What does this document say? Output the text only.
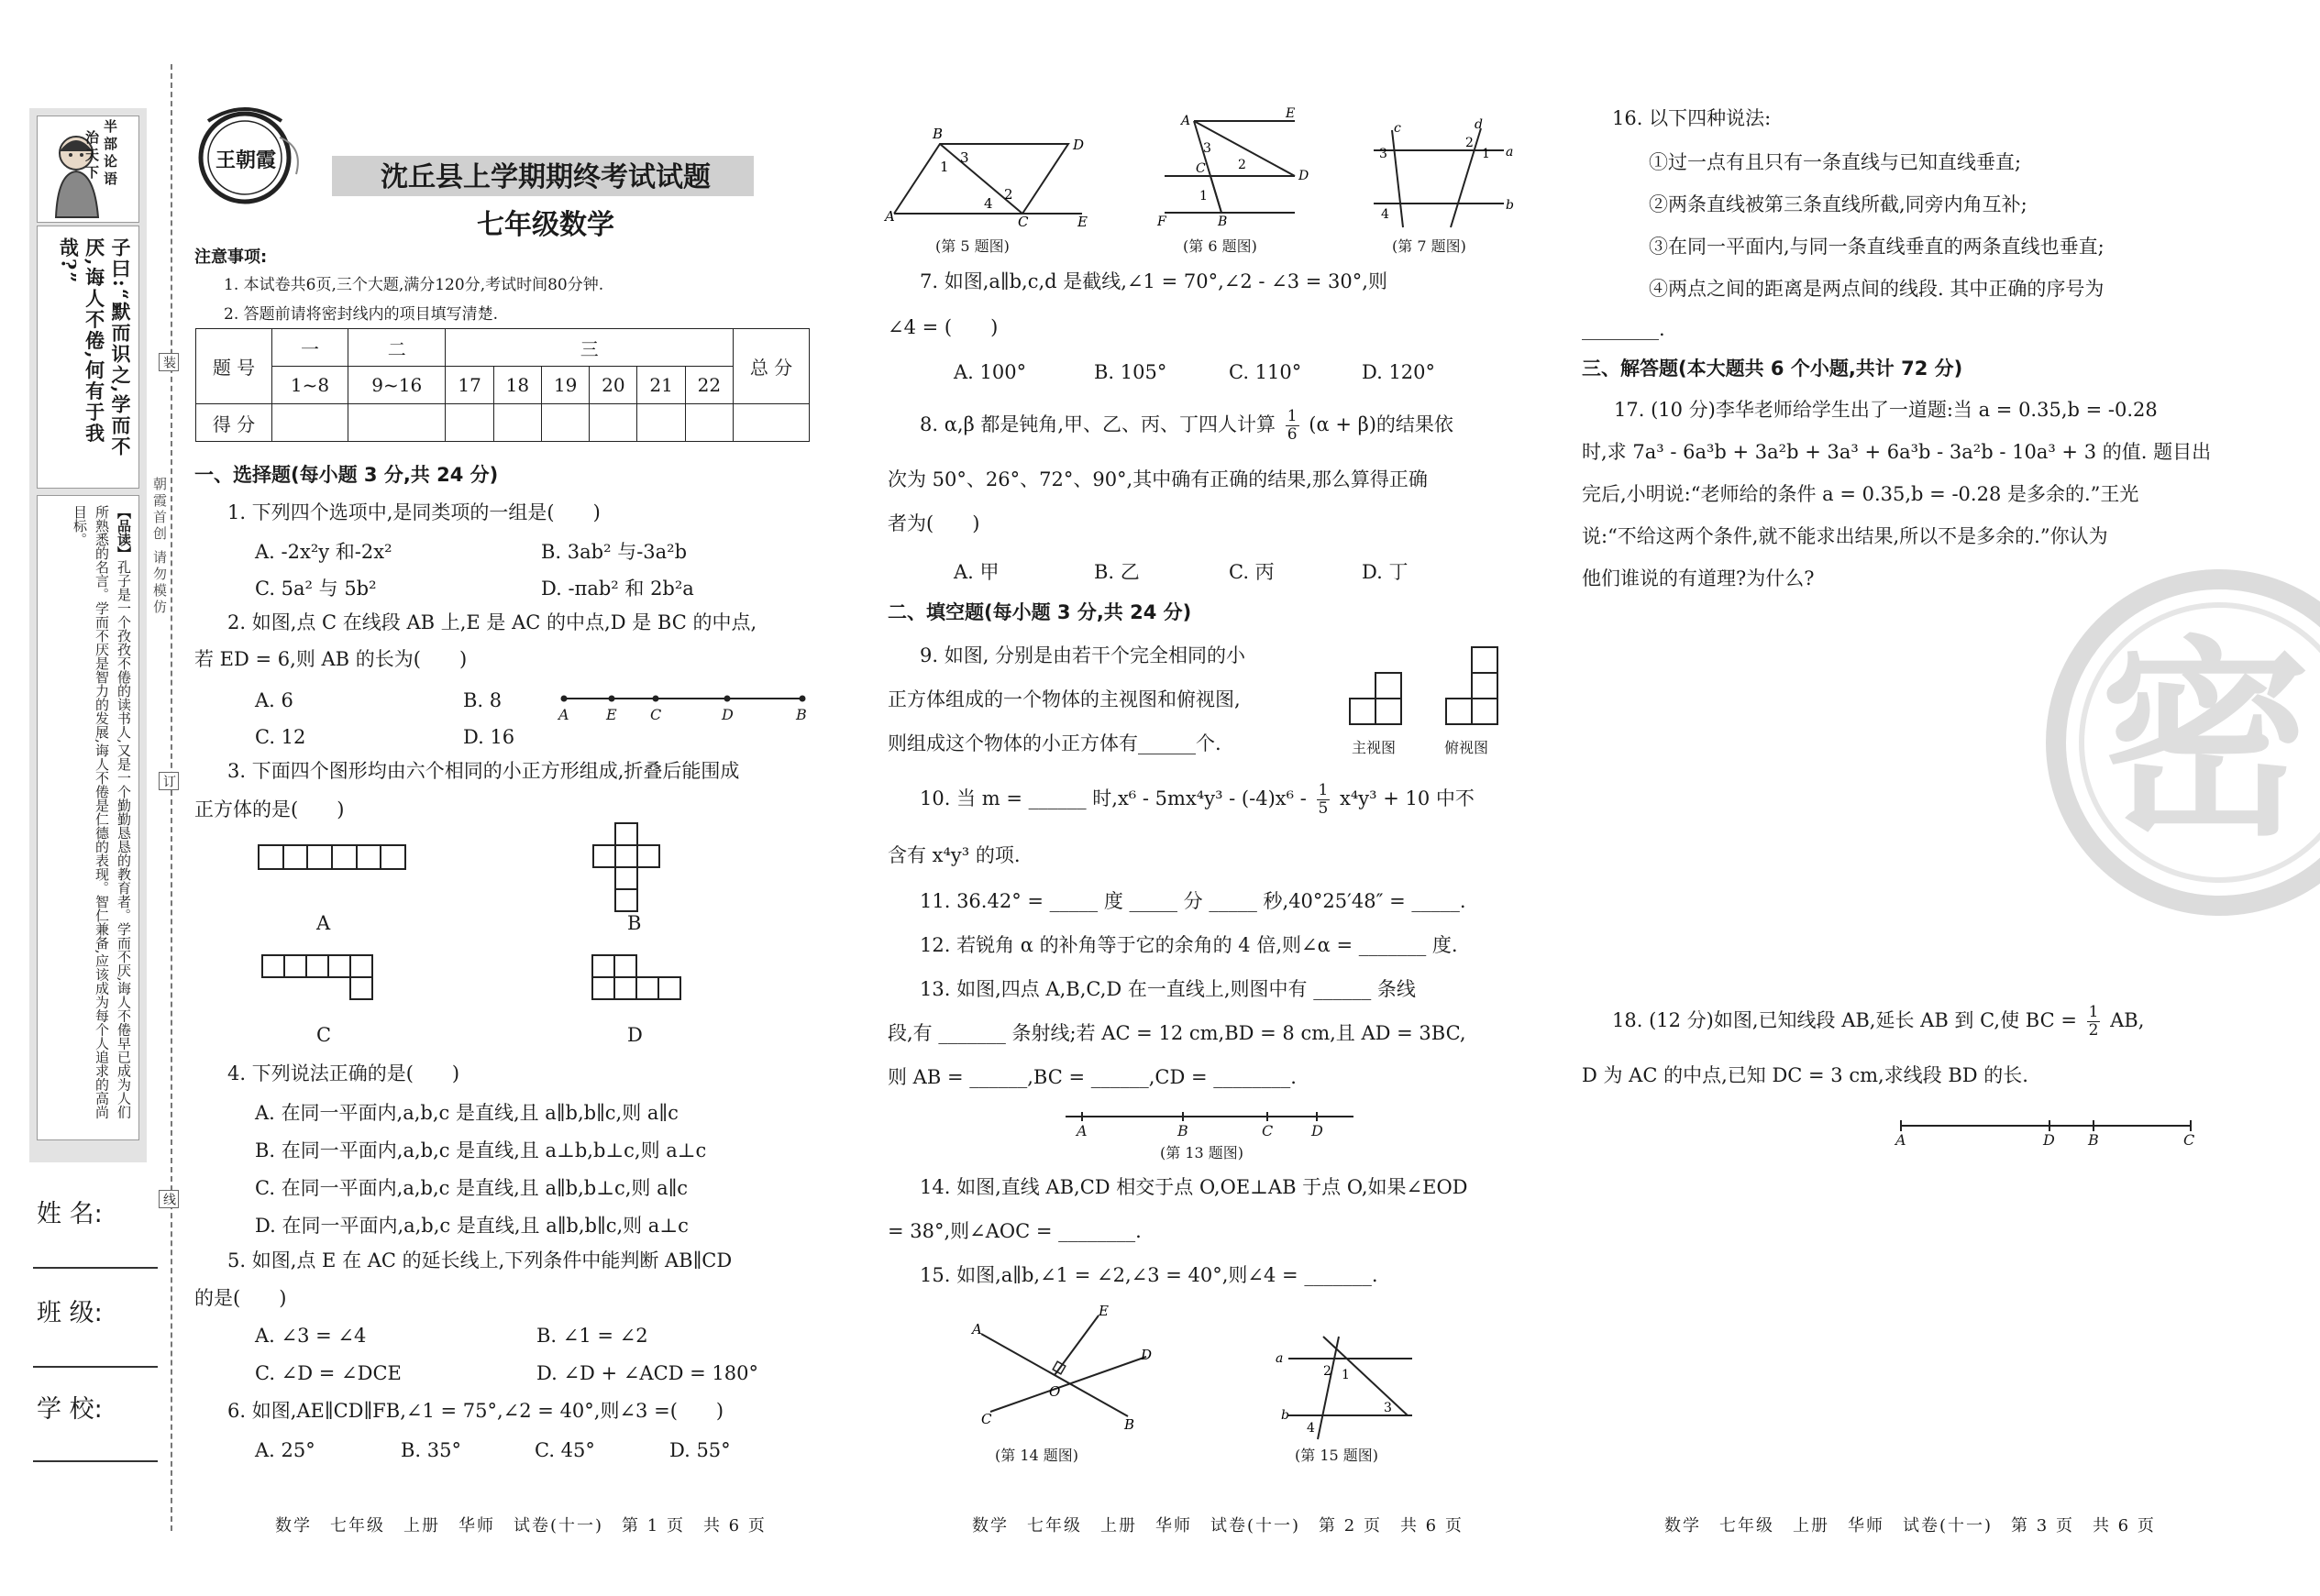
半部论语
治天下
子曰:“默而识之,学而不厌,诲人不倦,何有于我哉?”
【品读】孔子是一个孜孜不倦的读书人,又是一个勤勤恳恳的教育者。学而不厌,诲人不倦早已成为人们所熟悉的名言。学而不厌是智力的发展,诲人不倦是仁德的表现。智仁兼备,应该成为每个人追求的高尚目标。
姓 名:
班 级:
学 校:
装
订
线
朝霞首创 请勿模仿
王朝霞
沈丘县上学期期终考试试题
七年级数学
注意事项:
1. 本试卷共6页,三个大题,满分120分,考试时间80分钟.
2. 答题前请将密封线内的项目填写清楚.
题 号	一	二	三						总 分
	1~8	9~16	17	18	19	20	21	22	
得 分									
一、选择题(每小题 3 分,共 24 分)
1. 下列四个选项中,是同类项的一组是(　　)
A. -2x²y 和-2x²	B. 3ab² 与-3a²b
C. 5a² 与 5b²	D. -πab² 和 2b²a
2. 如图,点 C 在线段 AB 上,E 是 AC 的中点,D 是 BC 的中点,
若 ED = 6,则 AB 的长为(　　)
A. 6	B. 8
C. 12	D. 16
A	E C	D	B
3. 下面四个图形均由六个相同的小正方形组成,折叠后能围成
正方体的是(　　)
A	B
C	D
4. 下列说法正确的是(　　)
A. 在同一平面内,a,b,c 是直线,且 a∥b,b∥c,则 a∥c
B. 在同一平面内,a,b,c 是直线,且 a⊥b,b⊥c,则 a⊥c
C. 在同一平面内,a,b,c 是直线,且 a∥b,b⊥c,则 a∥c
D. 在同一平面内,a,b,c 是直线,且 a∥b,b∥c,则 a⊥c
5. 如图,点 E 在 AC 的延长线上,下列条件中能判断 AB∥CD
的是(　　)
A. ∠3 = ∠4	B. ∠1 = ∠2
C. ∠D = ∠DCE	D. ∠D + ∠ACD = 180°
6. 如图,AE∥CD∥FB,∠1 = 75°,∠2 = 40°,则∠3 =(　　)
A. 25°	B. 35°	C. 45°	D. 55°
数学　七年级　上册　华师　试卷(十一)　第 1 页　共 6 页
B
D
A	C	E
3
1
4
2
(第 5 题图)
A	E
D
C
F	B
3
2
1
(第 6 题图)
c	d
a
b
3
2
1
4
(第 7 题图)
7. 如图,a∥b,c,d 是截线,∠1 = 70°,∠2 - ∠3 = 30°,则
∠4 = (　　)
A. 100°	B. 105°	C. 110°	D. 120°
8. α,β 都是钝角,甲、乙、丙、丁四人计算 $\frac{1}{6} (\alpha + \beta)$的结果依
次为 50°、26°、72°、90°,其中确有正确的结果,那么算得正确
者为(　　)
A. 甲	B. 乙	C. 丙	D. 丁
二、填空题(每小题 3 分,共 24 分)
9. 如图, 分别是由若干个完全相同的小
正方体组成的一个物体的主视图和俯视图,
则组成这个物体的小正方体有______个.	主视图	俯视图
10. 当 m = ______ 时$,x^6 - 5mx^4y^3 - (-4)x^6 - \frac{1}{5} x^4y^3 + 10$ 中不
含有 x⁴y³ 的项.
11. 36.42° = _____ 度 _____ 分 _____ 秒,40°25′48″ = _____.
12. 若锐角 α 的补角等于它的余角的 4 倍,则∠α = _______ 度.
13. 如图,四点 A,B,C,D 在一直线上,则图中有 ______ 条线
段,有 _______ 条射线;若 AC = 12 cm,BD = 8 cm,且 AD = 3BC,
则 AB = ______,BC = ______,CD = ________.
A	B	C	D
(第 13 题图)
14. 如图,直线 AB,CD 相交于点 O,OE⊥AB 于点 O,如果∠EOD
= 38°,则∠AOC = ________.
15. 如图,a∥b,∠1 = ∠2,∠3 = 40°,则∠4 = _______.
A
E
D
C
O
B
(第 14 题图)
a
b
2 1
3
4
(第 15 题图)
数学　七年级　上册　华师　试卷(十一)　第 2 页　共 6 页
密
16. 以下四种说法:
①过一点有且只有一条直线与已知直线垂直;
②两条直线被第三条直线所截,同旁内角互补;
③在同一平面内,与同一条直线垂直的两条直线也垂直;
④两点之间的距离是两点间的线段. 其中正确的序号为
________.
三、解答题(本大题共 6 个小题,共计 72 分)
17. (10 分)李华老师给学生出了一道题:当 a = 0.35,b = -0.28
时,求 7a³ - 6a³b + 3a²b + 3a³ + 6a³b - 3a²b - 10a³ + 3 的值. 题目出
完后,小明说:“老师给的条件 a = 0.35,b = -0.28 是多余的.”王光
说:“不给这两个条件,就不能求出结果,所以不是多余的.”你认为
他们谁说的有道理?为什么?
18. (12 分)如图,已知线段 AB,延长 AB 到 C,使 BC = $\frac{1}{2}$ AB,
D 为 AC 的中点,已知 DC = 3 cm,求线段 BD 的长.
A	D B	C
数学　七年级　上册　华师　试卷(十一)　第 3 页　共 6 页
